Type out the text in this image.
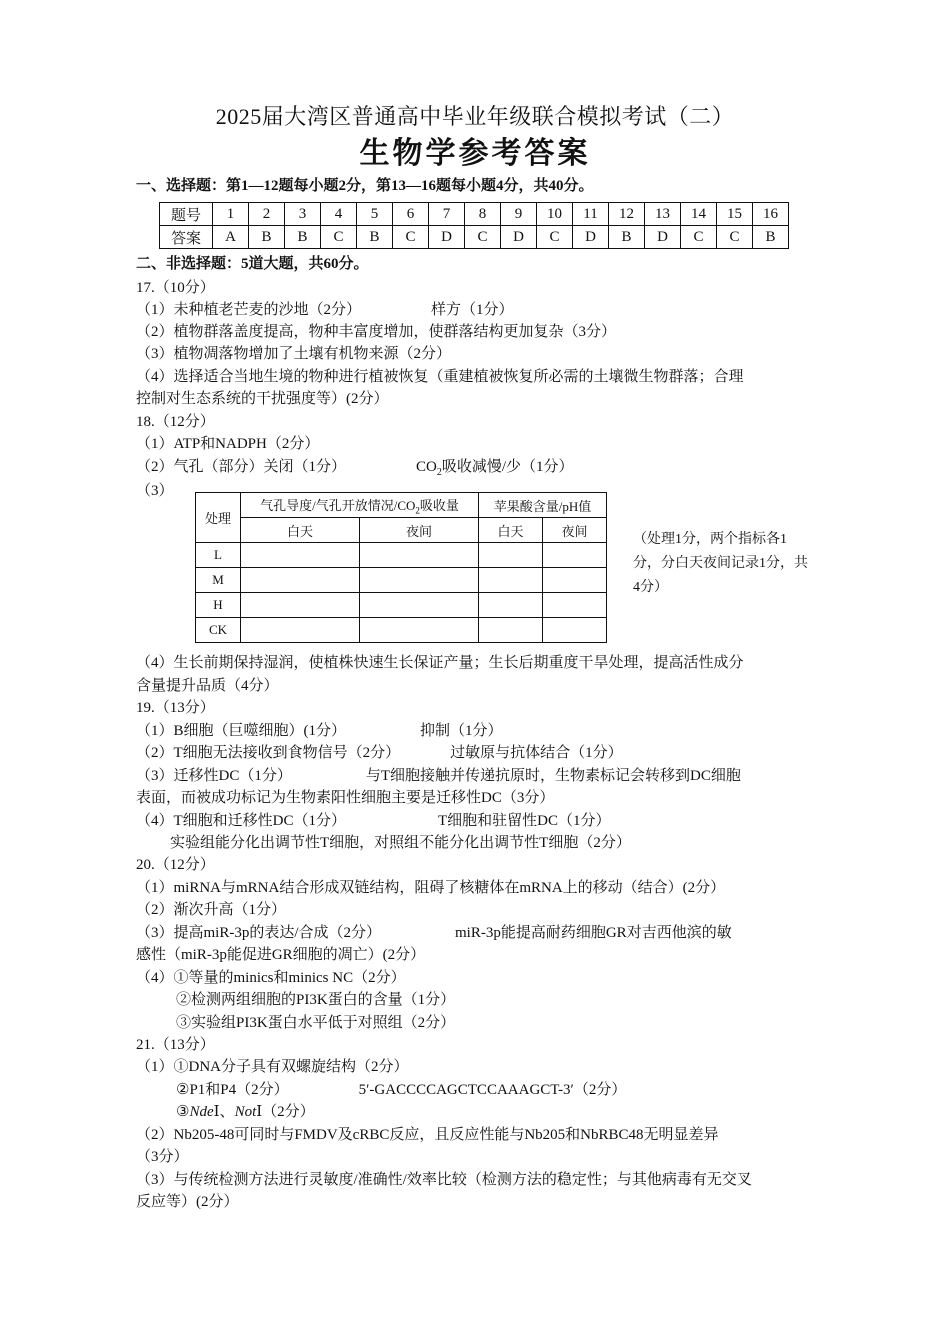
2025届大湾区普通高中毕业年级联合模拟考试（二）
生物学参考答案
一、选择题：第1—12题每小题2分，第13—16题每小题4分，共40分。
题号	1	2	3	4	5	6	7	8	9	10	11	12	13	14	15	16
答案	A	B	B	C	B	C	D	C	D	C	D	B	D	C	C	B
二、非选择题：5道大题，共60分。
17.（10分）
（1）未种植老芒麦的沙地（2分）	样方（1分）
（2）植物群落盖度提高，物种丰富度增加，使群落结构更加复杂（3分）
（3）植物凋落物增加了土壤有机物来源（2分）
（4）选择适合当地生境的物种进行植被恢复（重建植被恢复所必需的土壤微生物群落；合理
控制对生态系统的干扰强度等）(2分）
18.（12分）
（1）ATP和NADPH（2分）
（2）气孔（部分）关闭（1分）	$CO_2$吸收减慢/少（1分）
（3）
处理	气孔导度/气孔开放情况$/CO_2$吸收量		苹果酸含量/pH值	
	白天	夜间	白天	夜间
L				
M				
H				
CK				
（处理1分，两个指标各1分，分白天夜间记录1分，共4分）
（4）生长前期保持湿润，使植株快速生长保证产量；生长后期重度干旱处理，提高活性成分
含量提升品质（4分）
19.（13分）
（1）B细胞（巨噬细胞）(1分）	抑制（1分）
（2）T细胞无法接收到食物信号（2分）	过敏原与抗体结合（1分）
（3）迁移性DC（1分）	与T细胞接触并传递抗原时，生物素标记会转移到DC细胞
表面，而被成功标记为生物素阳性细胞主要是迁移性DC（3分）
（4）T细胞和迁移性DC（1分）	T细胞和驻留性DC（1分）
实验组能分化出调节性T细胞，对照组不能分化出调节性T细胞（2分）
20.（12分）
（1）miRNA与mRNA结合形成双链结构，阻碍了核糖体在mRNA上的移动（结合）(2分）
（2）渐次升高（1分）
（3）提高miR-3p的表达/合成（2分）	miR-3p能提高耐药细胞GR对吉西他滨的敏
感性（miR-3p能促进GR细胞的凋亡）(2分）
（4）①等量的minics和minics NC（2分）
②检测两组细胞的PI3K蛋白的含量（1分）
③实验组PI3K蛋白水平低于对照组（2分）
21.（13分）
（1）①DNA分子具有双螺旋结构（2分）
②P1和P4（2分）	5′-GACCCCAGCTCCAAAGCT-3′（2分）
③NdeⅠ、NotⅠ（2分）
（2）Nb205-48可同时与FMDV及cRBC反应，且反应性能与Nb205和NbRBC48无明显差异
（3分）
（3）与传统检测方法进行灵敏度/准确性/效率比较（检测方法的稳定性；与其他病毒有无交叉
反应等）(2分）
